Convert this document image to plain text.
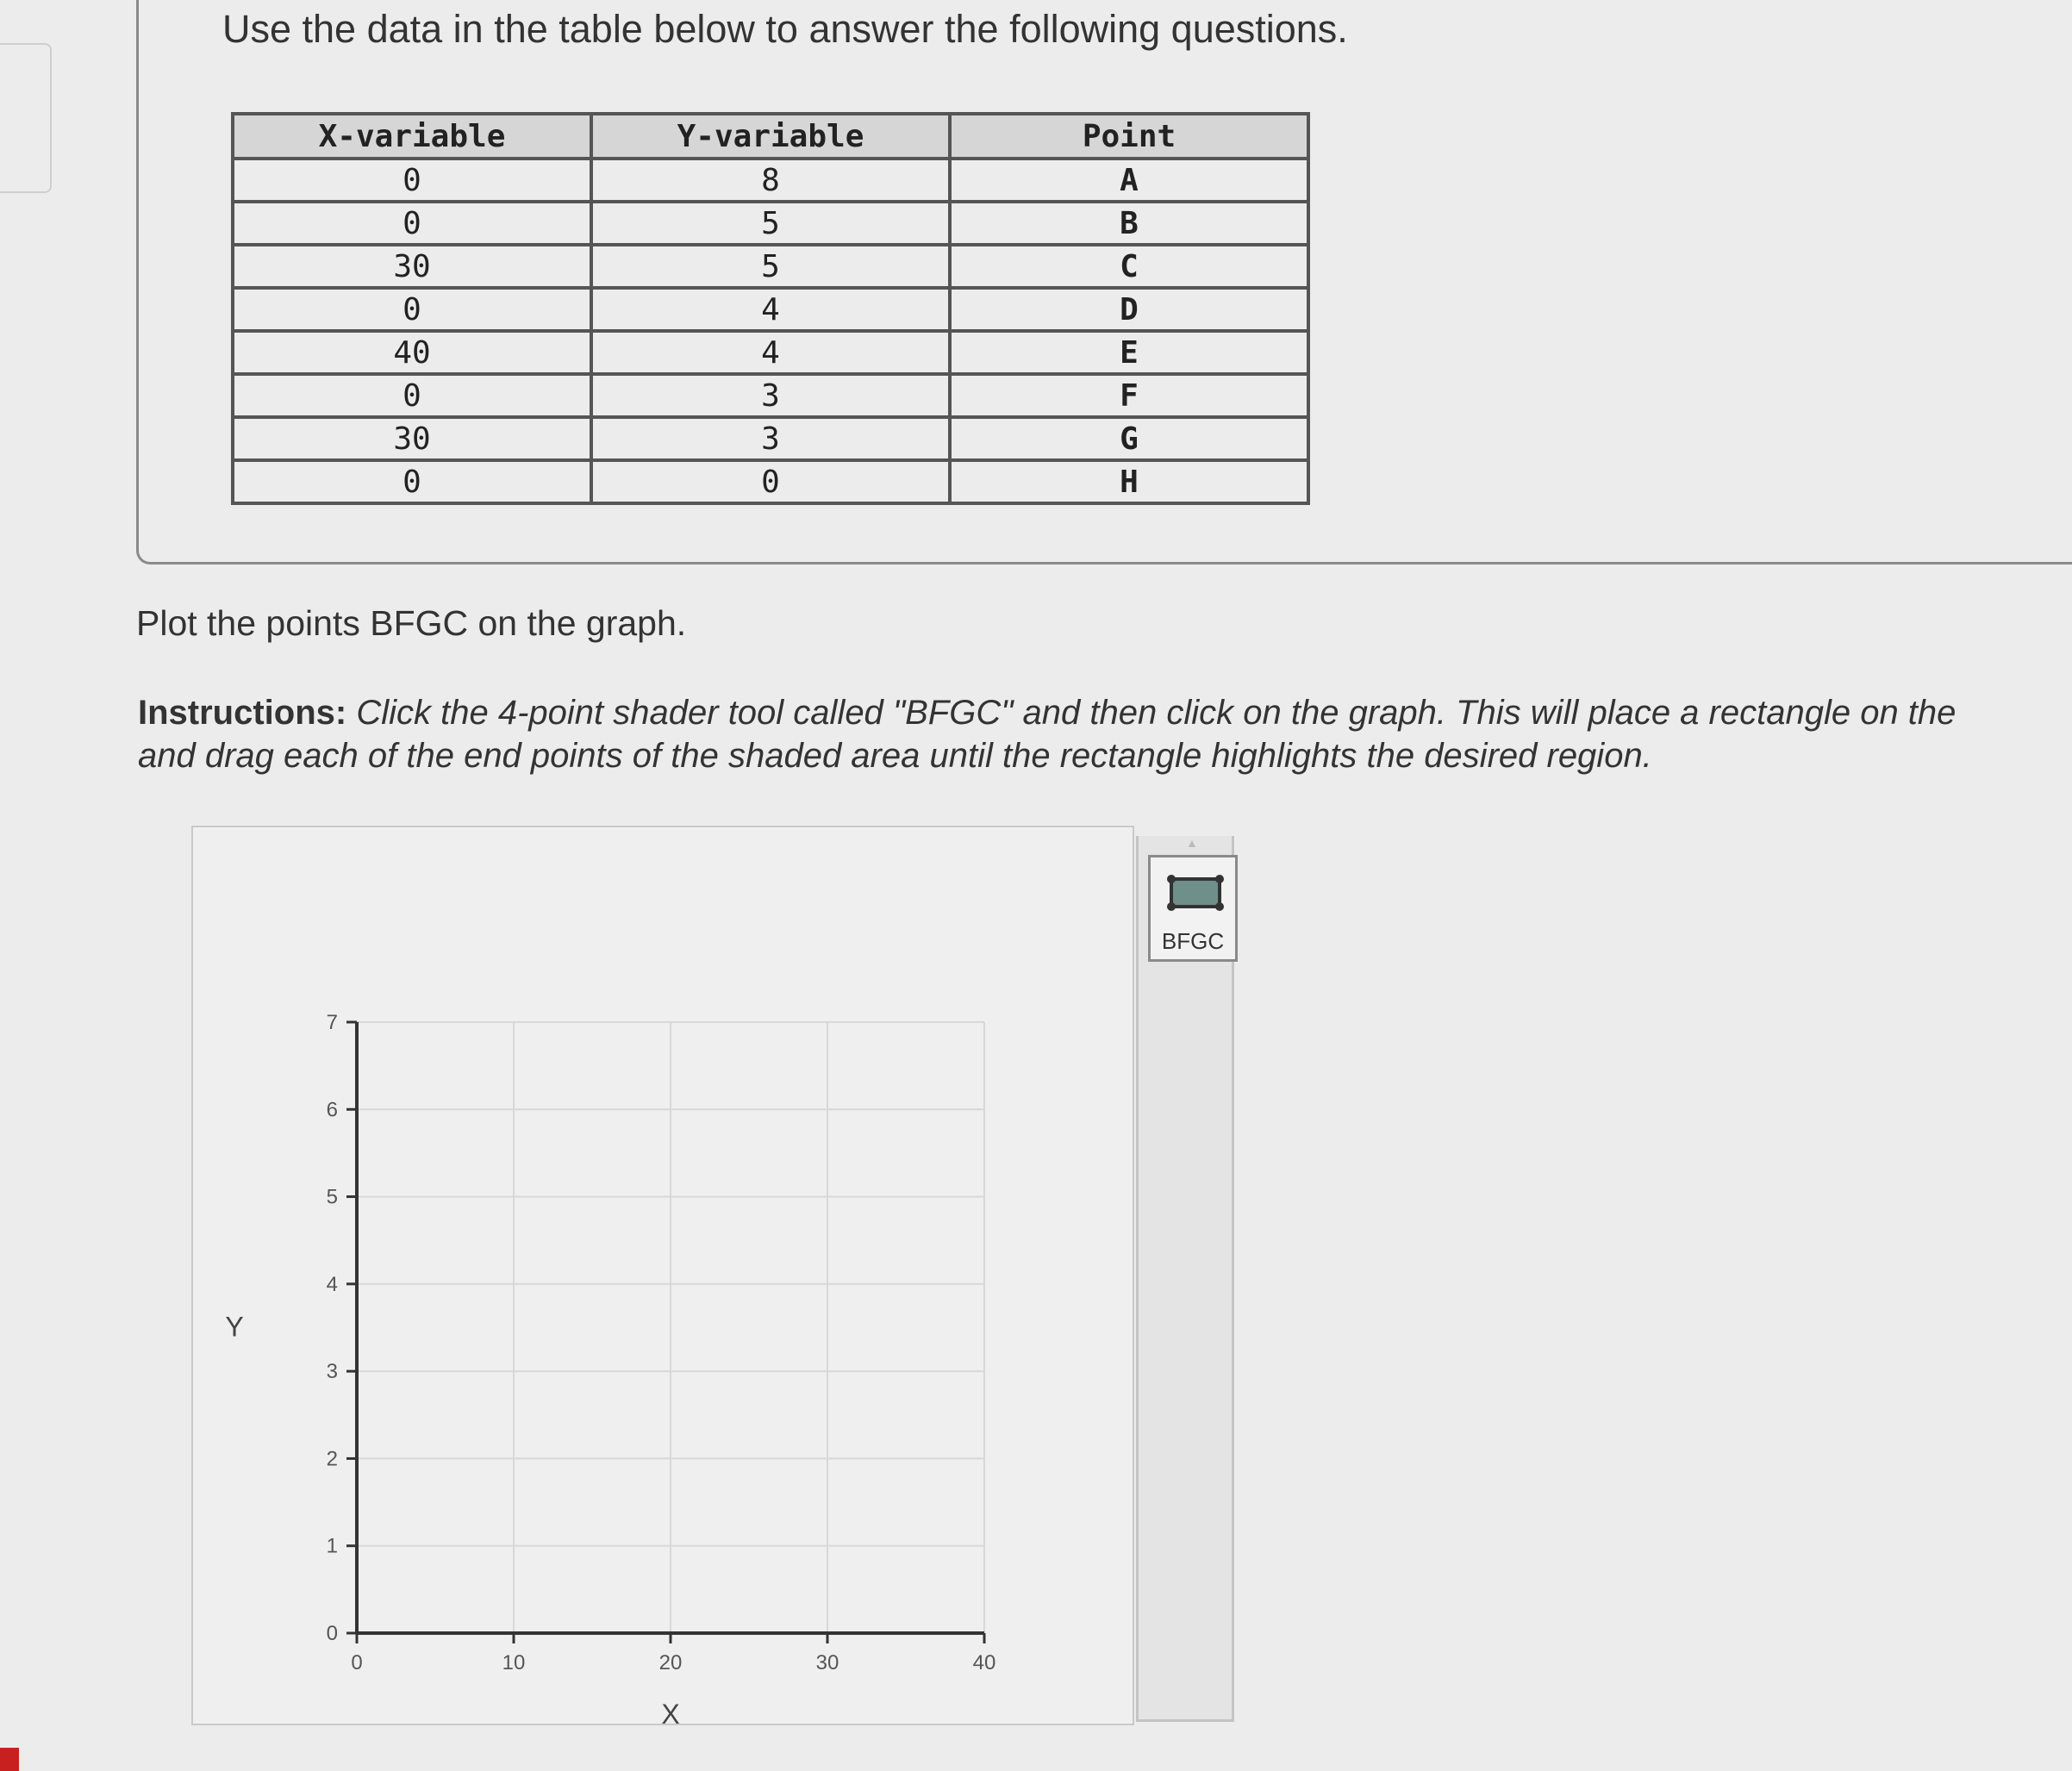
Use the data in the table below to answer the following questions.
X-variable	Y-variable	Point
0	8	A
0	5	B
30	5	C
0	4	D
40	4	E
0	3	F
30	3	G
0	0	H

Plot the points BFGC on the graph.

Instructions: Click the 4-point shader tool called "BFGC" and then click on the graph. This will place a rectangle on the
and drag each of the end points of the shaded area until the rectangle highlights the desired region.
0	10	20	30	40
0
1
2
3
4
5
6
7
X
Y
▲
BFGC
